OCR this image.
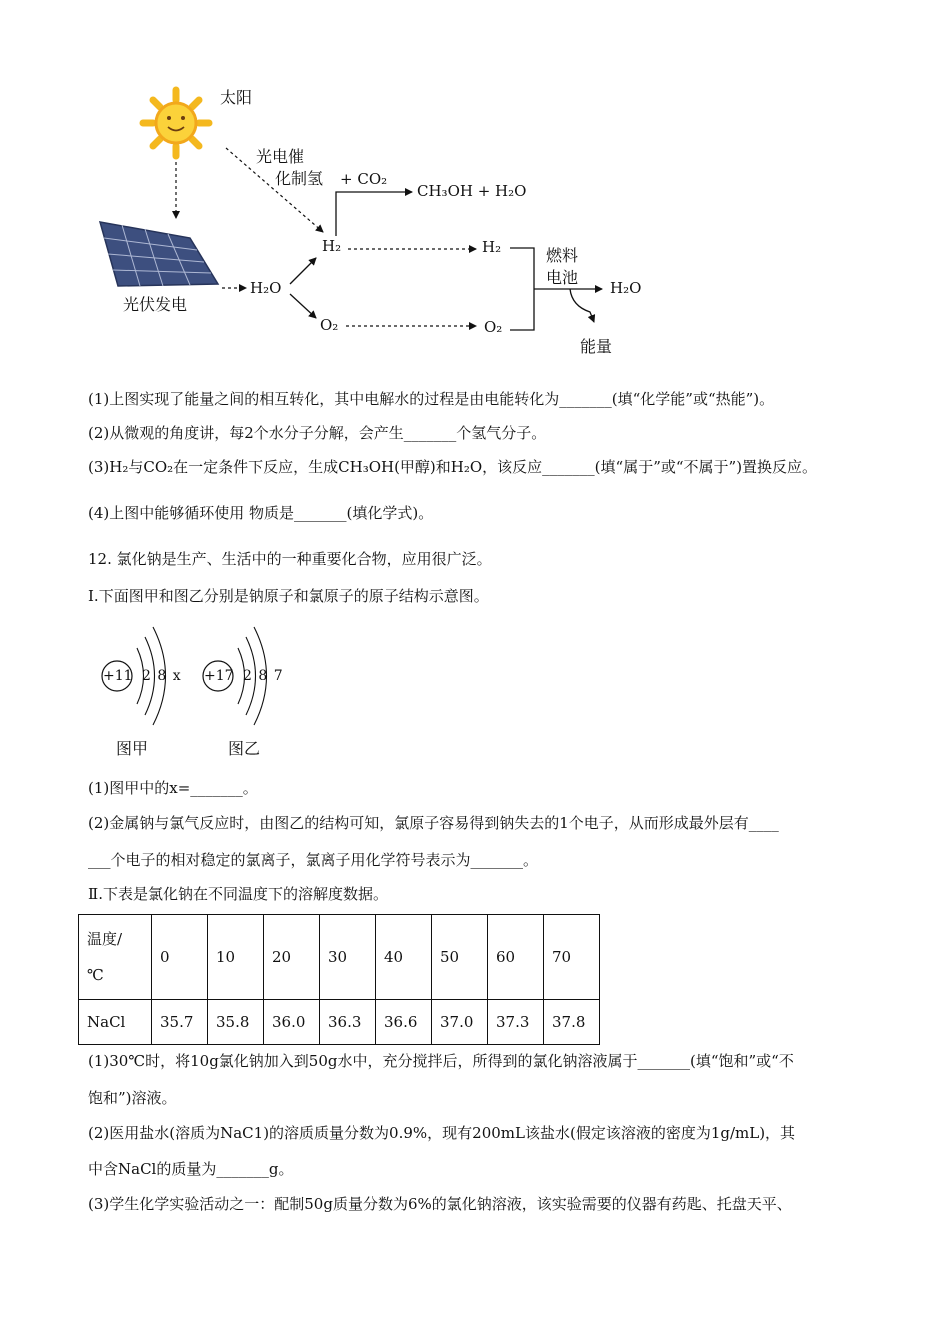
太阳
光电催
化制氢 + CO₂
CH₃OH + H₂O
H₂
H₂O
O₂
光伏发电
H₂
O₂
燃料
电池
H₂O
能量
(1)上图实现了能量之间的相互转化，其中电解水的过程是由电能转化为_______(填“化学能”或“热能”)。
(2)从微观的角度讲，每2个水分子分解，会产生_______个氢气分子。
(3)H₂与CO₂在一定条件下反应，生成CH₃OH(甲醇)和H₂O，该反应_______(填“属于”或“不属于”)置换反应。
(4)上图中能够循环使用 物质是_______(填化学式)。
12. 氯化钠是生产、生活中的一种重要化合物，应用很广泛。
Ⅰ.下面图甲和图乙分别是钠原子和氯原子的原子结构示意图。
+11 2 8 x +17 2 8 7
图甲	图乙
(1)图甲中的x=_______。
(2)金属钠与氯气反应时，由图乙的结构可知，氯原子容易得到钠失去的1个电子，从而形成最外层有____
___个电子的相对稳定的氯离子，氯离子用化学符号表示为_______。
Ⅱ.下表是氯化钠在不同温度下的溶解度数据。
温度/
℃	0	10	20	30	40	50	60	70
NaCl	35.7	35.8	36.0	36.3	36.6	37.0	37.3	37.8
(1)30℃时，将10g氯化钠加入到50g水中，充分搅拌后，所得到的氯化钠溶液属于_______(填“饱和”或“不
饱和”)溶液。
(2)医用盐水(溶质为NaC1)的溶质质量分数为0.9%，现有200mL该盐水(假定该溶液的密度为1g/mL)，其
中含NaCl的质量为_______g。
(3)学生化学实验活动之一：配制50g质量分数为6%的氯化钠溶液，该实验需要的仪器有药匙、托盘天平、
